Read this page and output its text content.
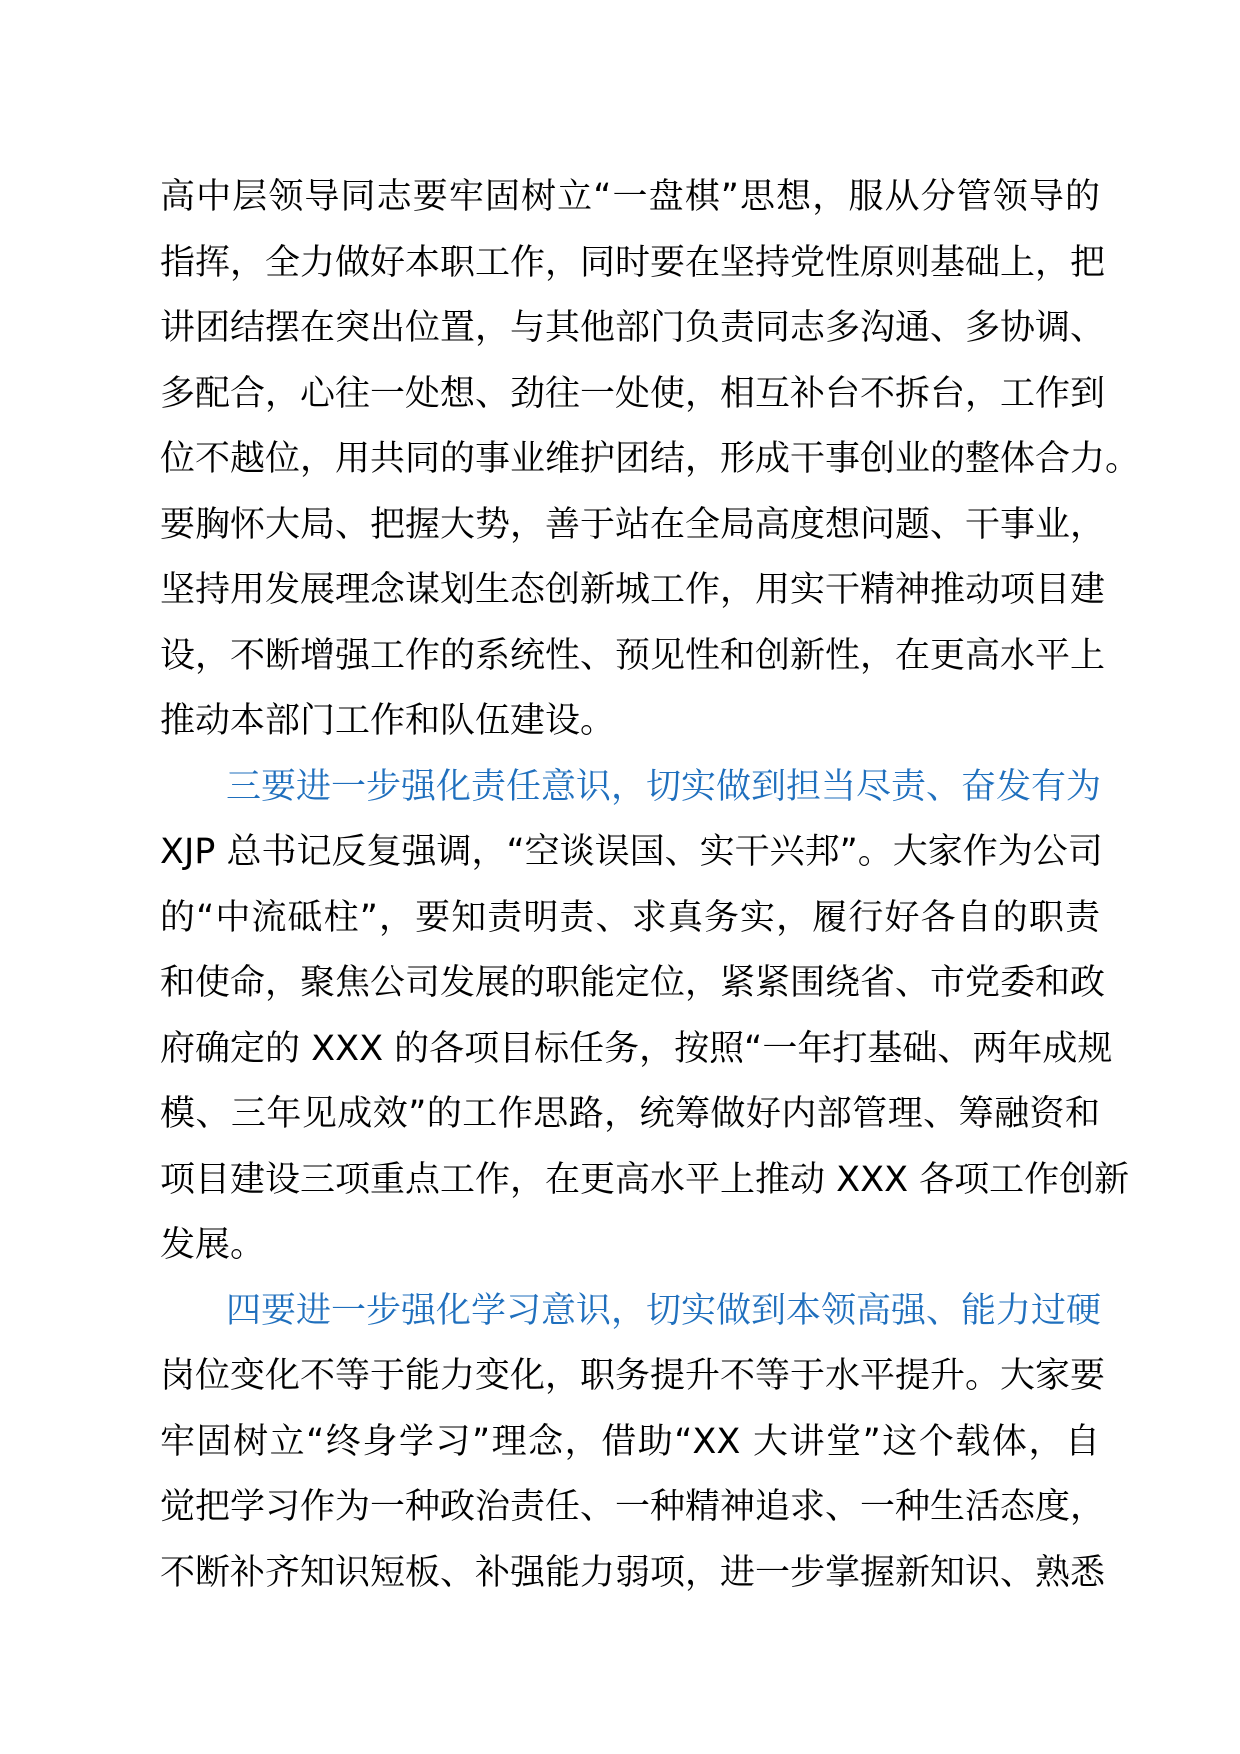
高中层领导同志要牢固树立“一盘棋”思想，服从分管领导的
指挥，全力做好本职工作，同时要在坚持党性原则基础上，把
讲团结摆在突出位置，与其他部门负责同志多沟通、多协调、
多配合，心往一处想、劲往一处使，相互补台不拆台，工作到
位不越位，用共同的事业维护团结，形成干事创业的整体合力。
要胸怀大局、把握大势，善于站在全局高度想问题、干事业，
坚持用发展理念谋划生态创新城工作，用实干精神推动项目建
设，不断增强工作的系统性、预见性和创新性，在更高水平上
推动本部门工作和队伍建设。
三要进一步强化责任意识，切实做到担当尽责、奋发有为
XJP 总书记反复强调，“空谈误国、实干兴邦”。大家作为公司
的“中流砥柱”，要知责明责、求真务实，履行好各自的职责
和使命，聚焦公司发展的职能定位，紧紧围绕省、市党委和政
府确定的 XXX 的各项目标任务，按照“一年打基础、两年成规
模、三年见成效”的工作思路，统筹做好内部管理、筹融资和
项目建设三项重点工作，在更高水平上推动 XXX 各项工作创新
发展。
四要进一步强化学习意识，切实做到本领高强、能力过硬
岗位变化不等于能力变化，职务提升不等于水平提升。大家要
牢固树立“终身学习”理念，借助“XX 大讲堂”这个载体，自
觉把学习作为一种政治责任、一种精神追求、一种生活态度，
不断补齐知识短板、补强能力弱项，进一步掌握新知识、熟悉
